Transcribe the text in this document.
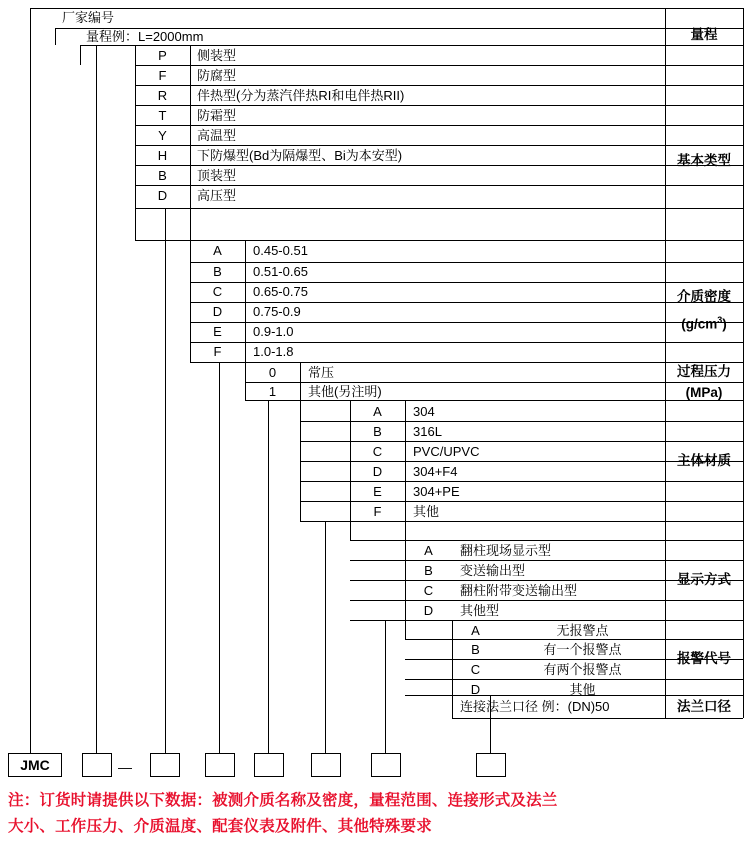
厂家编号
量程例：L=2000mm	量程
P	侧装型
F	防腐型
R	伴热型(分为蒸汽伴热RI和电伴热RII)
T	防霜型
Y	高温型
H	下防爆型(Bd为隔爆型、Bi为本安型)
B	顶装型
D	高压型
基本类型
A	0.45-0.51
B	0.51-0.65
C	0.65-0.75
D	0.75-0.9
E	0.9-1.0
F	1.0-1.8
介质密度
$(g/cm^3)$
0	常压
1	其他(另注明)
过程压力
(MPa)
A	304
B	316L
C	PVC/UPVC
D	304+F4
E	304+PE
F	其他
主体材质
A	翻柱现场显示型
B	变送输出型
C	翻柱附带变送输出型
D	其他型
显示方式
A	无报警点
B	有一个报警点
C	有两个报警点
D	其他
报警代号
连接法兰口径 例：(DN)50	法兰口径
JMC	—
注：订货时请提供以下数据：被测介质名称及密度，量程范围、连接形式及法兰
大小、工作压力、介质温度、配套仪表及附件、其他特殊要求
